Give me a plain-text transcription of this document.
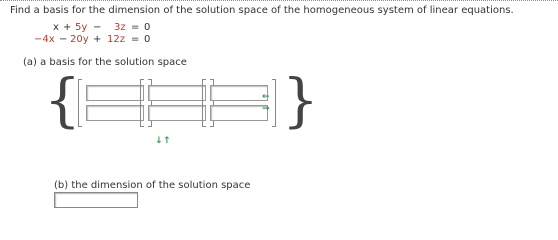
Find a basis for the dimension of the solution space of the homogeneous system of linear equations.
x + 5y − 3z = 0
−4x − 20y + 12z = 0
(a) a basis for the solution space
{	←
→ }
↓ ↑
(b) the dimension of the solution space
